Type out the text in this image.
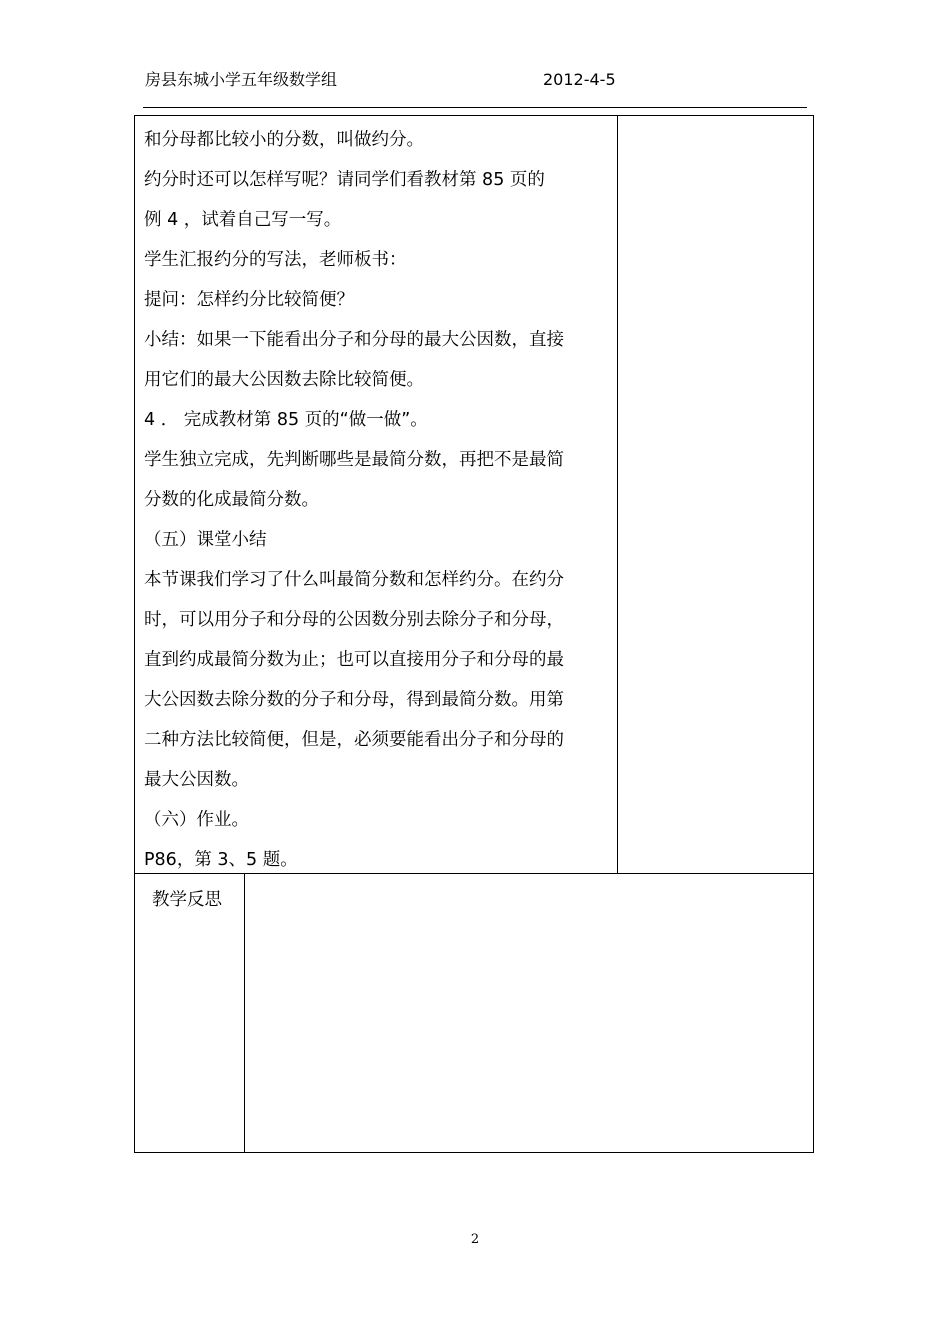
房县东城小学五年级数学组	2012-4-5
和分母都比较小的分数，叫做约分。
约分时还可以怎样写呢？请同学们看教材第 85 页的
例 4 ，试着自己写一写。
学生汇报约分的写法，老师板书：
提问：怎样约分比较简便？
小结：如果一下能看出分子和分母的最大公因数，直接
用它们的最大公因数去除比较简便。
4 ． 完成教材第 85 页的“做一做”。
学生独立完成，先判断哪些是最简分数，再把不是最简
分数的化成最简分数。
（五）课堂小结
本节课我们学习了什么叫最简分数和怎样约分。在约分
时，可以用分子和分母的公因数分别去除分子和分母，
直到约成最简分数为止；也可以直接用分子和分母的最
大公因数去除分数的分子和分母，得到最简分数。用第
二种方法比较简便，但是，必须要能看出分子和分母的
最大公因数。
（六）作业。
P86，第 3、5 题。
教学反思
2
